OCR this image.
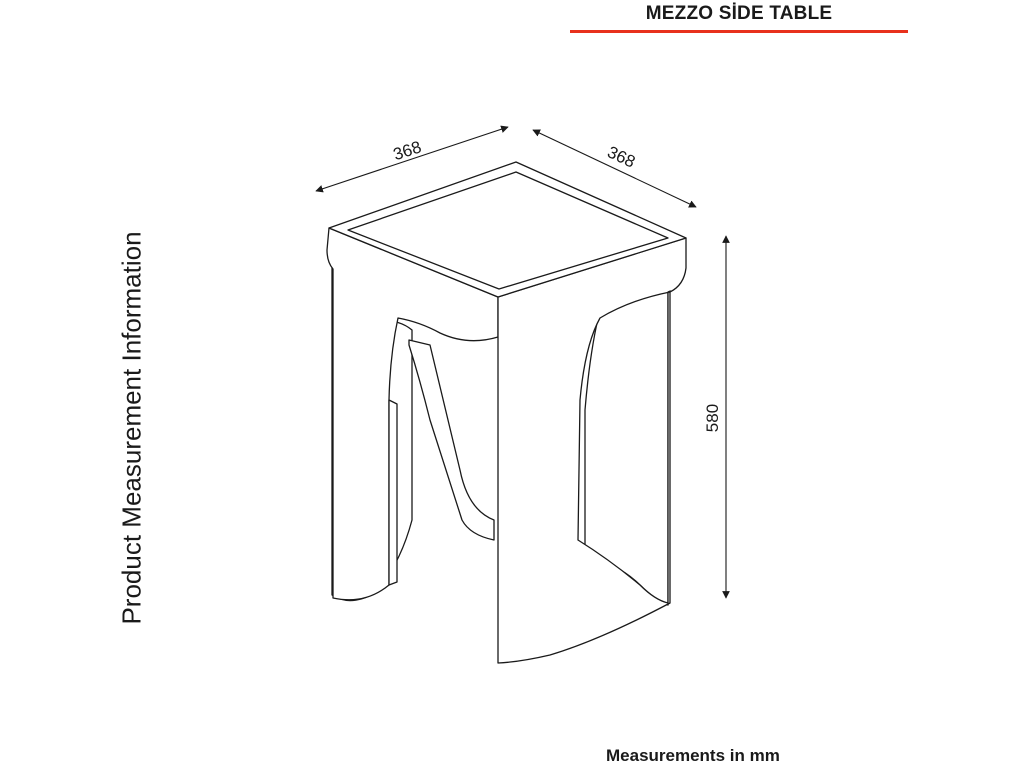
MEZZO SİDE TABLE
Product Measurement Information
368	368
580
Measurements in mm
